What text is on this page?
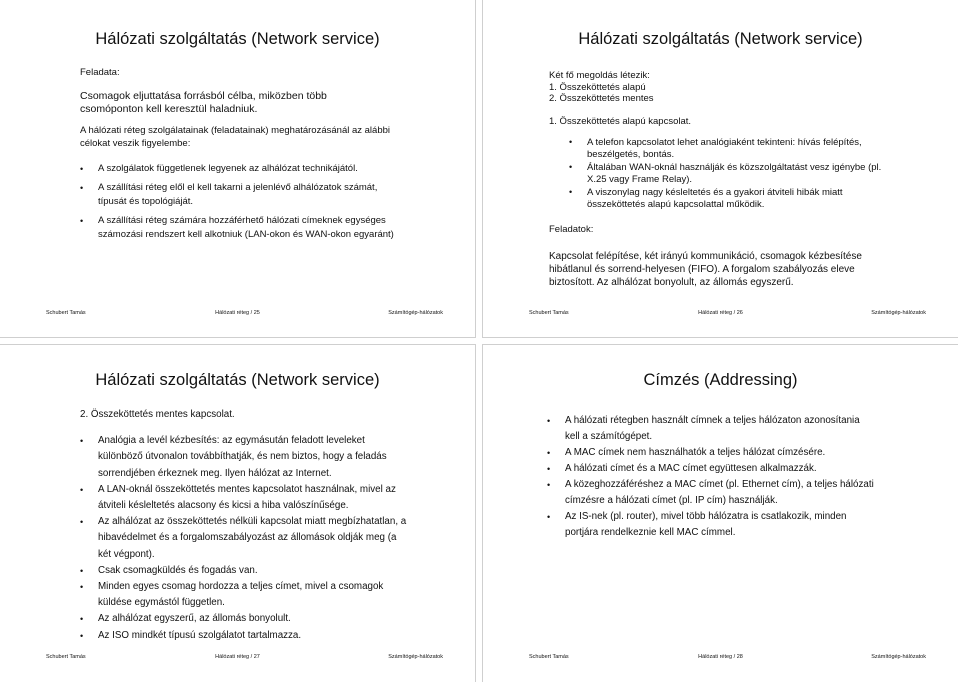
Hálózati szolgáltatás (Network service)

Feladata:

Csomagok eljuttatása forrásból célba, miközben több csomóponton kell keresztül haladniuk.

A hálózati réteg szolgálatainak (feladatainak) meghatározásánál az alábbi célokat veszik figyelembe:

• A szolgálatok függetlenek legyenek az alhálózat technikájától.
• A szállítási réteg elől el kell takarni a jelenlévő alhálózatok számát, típusát és topológiáját.
• A szállítási réteg számára hozzáférhető hálózati címeknek egységes számozási rendszert kell alkotniuk (LAN-okon és WAN-okon egyaránt)
Schubert Tamás	Hálózati réteg / 25	Számítógép-hálózatok
Hálózati szolgáltatás (Network service)

Két fő megoldás létezik:

1. Összeköttetés alapú

2. Összeköttetés mentes

1. Összeköttetés alapú kapcsolat.

• A telefon kapcsolatot lehet analógiaként tekinteni: hívás felépítés, beszélgetés, bontás.
• Általában WAN-oknál használják és közszolgáltatást vesz igénybe (pl. X.25 vagy Frame Relay).
• A viszonylag nagy késleltetés és a gyakori átviteli hibák miatt összeköttetés alapú kapcsolattal működik.

Feladatok:

Kapcsolat felépítése, két irányú kommunikáció, csomagok kézbesítése hibátlanul és sorrend-helyesen (FIFO). A forgalom szabályozás eleve biztosított. Az alhálózat bonyolult, az állomás egyszerű.

Schubert Tamás	Hálózati réteg / 26	Számítógép-hálózatok
Hálózati szolgáltatás (Network service)

2. Összeköttetés mentes kapcsolat.

• Analógia a levél kézbesítés: az egymásután feladott leveleket különböző útvonalon továbbíthatják, és nem biztos, hogy a feladás sorrendjében érkeznek meg. Ilyen hálózat az Internet.
• A LAN-oknál összeköttetés mentes kapcsolatot használnak, mivel az átviteli késleltetés alacsony és kicsi a hiba valószínűsége.
• Az alhálózat az összeköttetés nélküli kapcsolat miatt megbízhatatlan, a hibavédelmet és a forgalomszabályozást az állomások oldják meg (a két végpont).
• Csak csomagküldés és fogadás van.
• Minden egyes csomag hordozza a teljes címet, mivel a csomagok küldése egymástól független.
• Az alhálózat egyszerű, az állomás bonyolult.
• Az ISO mindkét típusú szolgálatot tartalmazza.
Schubert Tamás	Hálózati réteg / 27	Számítógép-hálózatok
Címzés (Addressing)
• A hálózati rétegben használt címnek a teljes hálózaton azonosítania kell a számítógépet.
• A MAC címek nem használhatók a teljes hálózat címzésére.
• A hálózati címet és a MAC címet együttesen alkalmazzák.
• A közeghozzáféréshez a MAC címet (pl. Ethernet cím), a teljes hálózati címzésre a hálózati címet (pl. IP cím) használják.
• Az IS-nek (pl. router), mivel több hálózatra is csatlakozik, minden portjára rendelkeznie kell MAC címmel.
Schubert Tamás	Hálózati réteg / 28	Számítógép-hálózatok
